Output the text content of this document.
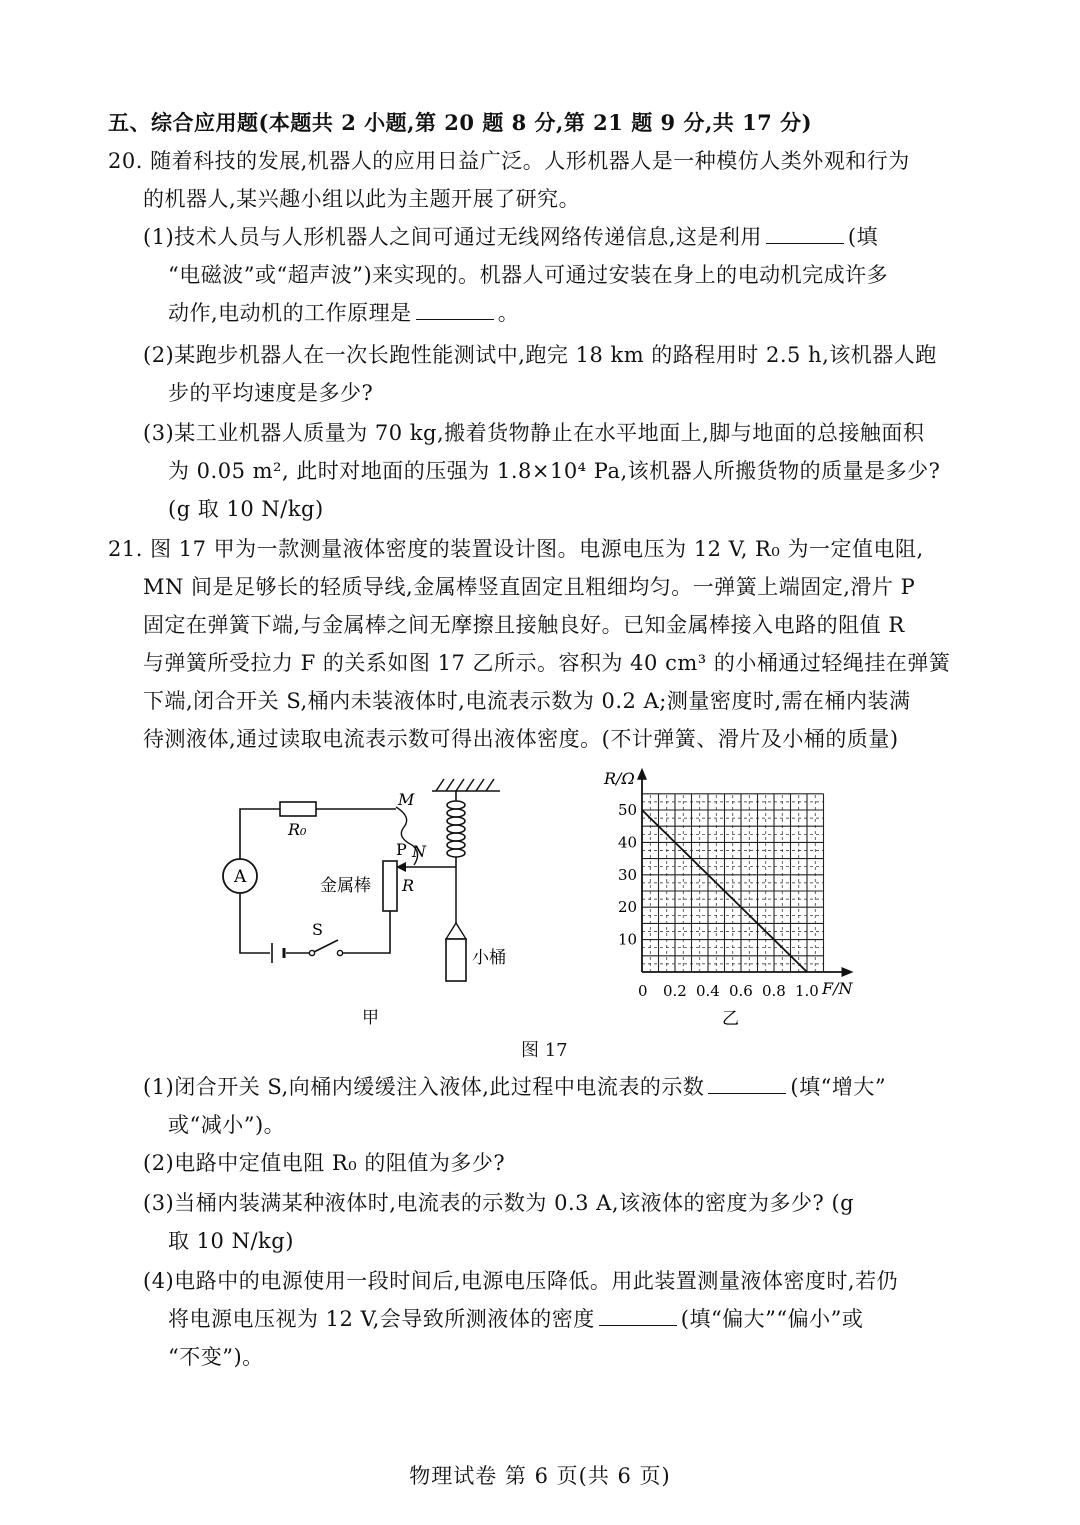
五、综合应用题(本题共 2 小题,第 20 题 8 分,第 21 题 9 分,共 17 分)
20. 随着科技的发展,机器人的应用日益广泛。人形机器人是一种模仿人类外观和行为
的机器人,某兴趣小组以此为主题开展了研究。
(1)技术人员与人形机器人之间可通过无线网络传递信息,这是利用	(填
“电磁波”或“超声波”)来实现的。机器人可通过安装在身上的电动机完成许多
动作,电动机的工作原理是	。
(2)某跑步机器人在一次长跑性能测试中,跑完 18 km 的路程用时 2.5 h,该机器人跑
步的平均速度是多少?
(3)某工业机器人质量为 70 kg,搬着货物静止在水平地面上,脚与地面的总接触面积
为 0.05 m², 此时对地面的压强为 1.8×10⁴ Pa,该机器人所搬货物的质量是多少?
(g 取 10 N/kg)
21. 图 17 甲为一款测量液体密度的装置设计图。电源电压为 12 V, R₀ 为一定值电阻,
MN 间是足够长的轻质导线,金属棒竖直固定且粗细均匀。一弹簧上端固定,滑片 P
固定在弹簧下端,与金属棒之间无摩擦且接触良好。已知金属棒接入电路的阻值 R
与弹簧所受拉力 F 的关系如图 17 乙所示。容积为 40 cm³ 的小桶通过轻绳挂在弹簧
下端,闭合开关 S,桶内未装液体时,电流表示数为 0.2 A;测量密度时,需在桶内装满
待测液体,通过读取电流表示数可得出液体密度。(不计弹簧、滑片及小桶的质量)
R₀
M
N
P
A	金属棒 R
S
小桶
甲
0 0.2 0.4 0.6 0.8 1.0
10
20
30
40
50
R/Ω
F/N
乙
图 17
(1)闭合开关 S,向桶内缓缓注入液体,此过程中电流表的示数	(填“增大”
或“减小”)。
(2)电路中定值电阻 R₀ 的阻值为多少?
(3)当桶内装满某种液体时,电流表的示数为 0.3 A,该液体的密度为多少? (g
取 10 N/kg)
(4)电路中的电源使用一段时间后,电源电压降低。用此装置测量液体密度时,若仍
将电源电压视为 12 V,会导致所测液体的密度	(填“偏大”“偏小”或
“不变”)。
物理试卷 第 6 页(共 6 页)
